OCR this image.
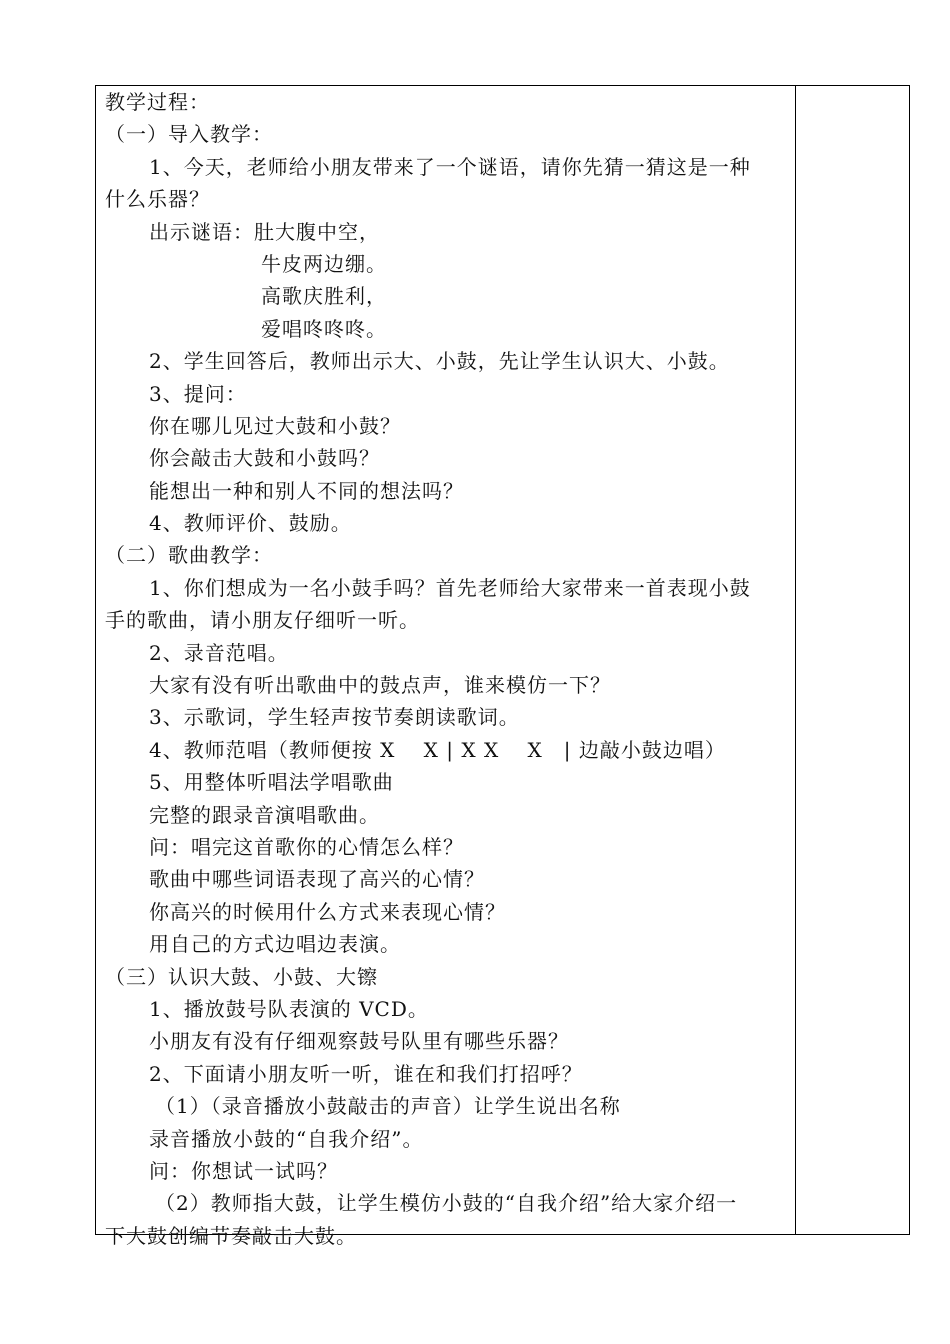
教学过程：
（一）导入教学：
1、今天，老师给小朋友带来了一个谜语，请你先猜一猜这是一种
什么乐器？
出示谜语：肚大腹中空，
牛皮两边绷。
高歌庆胜利，
爱唱咚咚咚。
2、学生回答后，教师出示大、小鼓，先让学生认识大、小鼓。
3、提问：
你在哪儿见过大鼓和小鼓？
你会敲击大鼓和小鼓吗？
能想出一种和别人不同的想法吗？
4、教师评价、鼓励。
（二）歌曲教学：
1、你们想成为一名小鼓手吗？首先老师给大家带来一首表现小鼓
手的歌曲，请小朋友仔细听一听。
2、录音范唱。
大家有没有听出歌曲中的鼓点声，谁来模仿一下？
3、示歌词，学生轻声按节奏朗读歌词。
4、教师范唱（教师便按 X　 X | X X　 X　| 边敲小鼓边唱）
5、用整体听唱法学唱歌曲
完整的跟录音演唱歌曲。
问：唱完这首歌你的心情怎么样？
歌曲中哪些词语表现了高兴的心情？
你高兴的时候用什么方式来表现心情？
用自己的方式边唱边表演。
（三）认识大鼓、小鼓、大镲
1、播放鼓号队表演的 VCD。
小朋友有没有仔细观察鼓号队里有哪些乐器？
2、下面请小朋友听一听，谁在和我们打招呼？
（1）（录音播放小鼓敲击的声音）让学生说出名称
录音播放小鼓的“自我介绍”。
问：你想试一试吗？
（2）教师指大鼓，让学生模仿小鼓的“自我介绍”给大家介绍一
下大鼓创编节奏敲击大鼓。
